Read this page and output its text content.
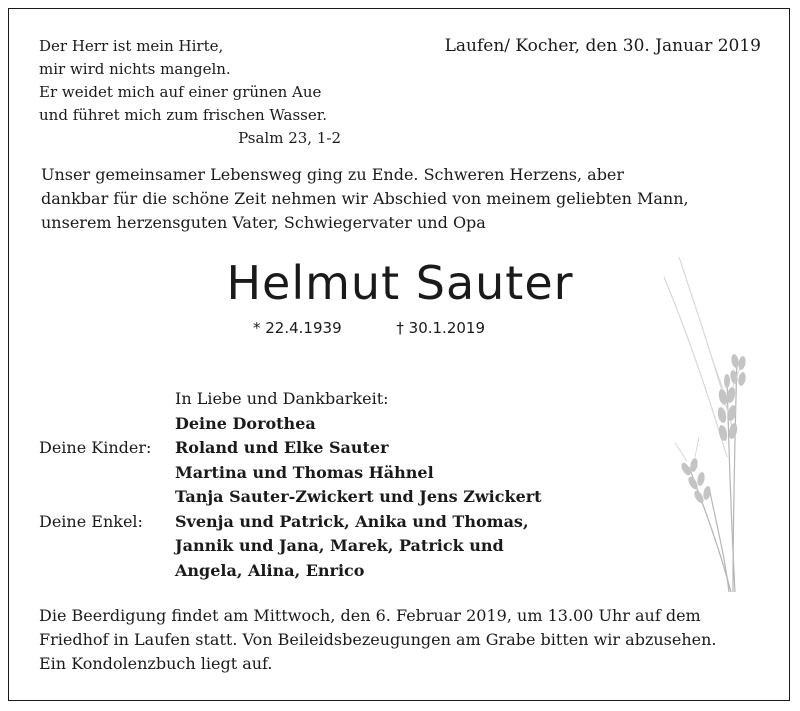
Der Herr ist mein Hirte,
mir wird nichts mangeln.
Er weidet mich auf einer grünen Aue
und führet mich zum frischen Wasser.
Psalm 23, 1-2
Laufen/ Kocher, den 30. Januar 2019
Unser gemeinsamer Lebensweg ging zu Ende. Schweren Herzens, aber
dankbar für die schöne Zeit nehmen wir Abschied von meinem geliebten Mann,
unserem herzensguten Vater, Schwiegervater und Opa
Helmut Sauter
* 22.4.1939	† 30.1.2019
In Liebe und Dankbarkeit:
Deine Dorothea
Deine Kinder:	Roland und Elke Sauter
Martina und Thomas Hähnel
Tanja Sauter-Zwickert und Jens Zwickert
Deine Enkel:	Svenja und Patrick, Anika und Thomas,
Jannik und Jana, Marek, Patrick und
Angela, Alina, Enrico
Die Beerdigung findet am Mittwoch, den 6. Februar 2019, um 13.00 Uhr auf dem
Friedhof in Laufen statt. Von Beileidsbezeugungen am Grabe bitten wir abzusehen.
Ein Kondolenzbuch liegt auf.
